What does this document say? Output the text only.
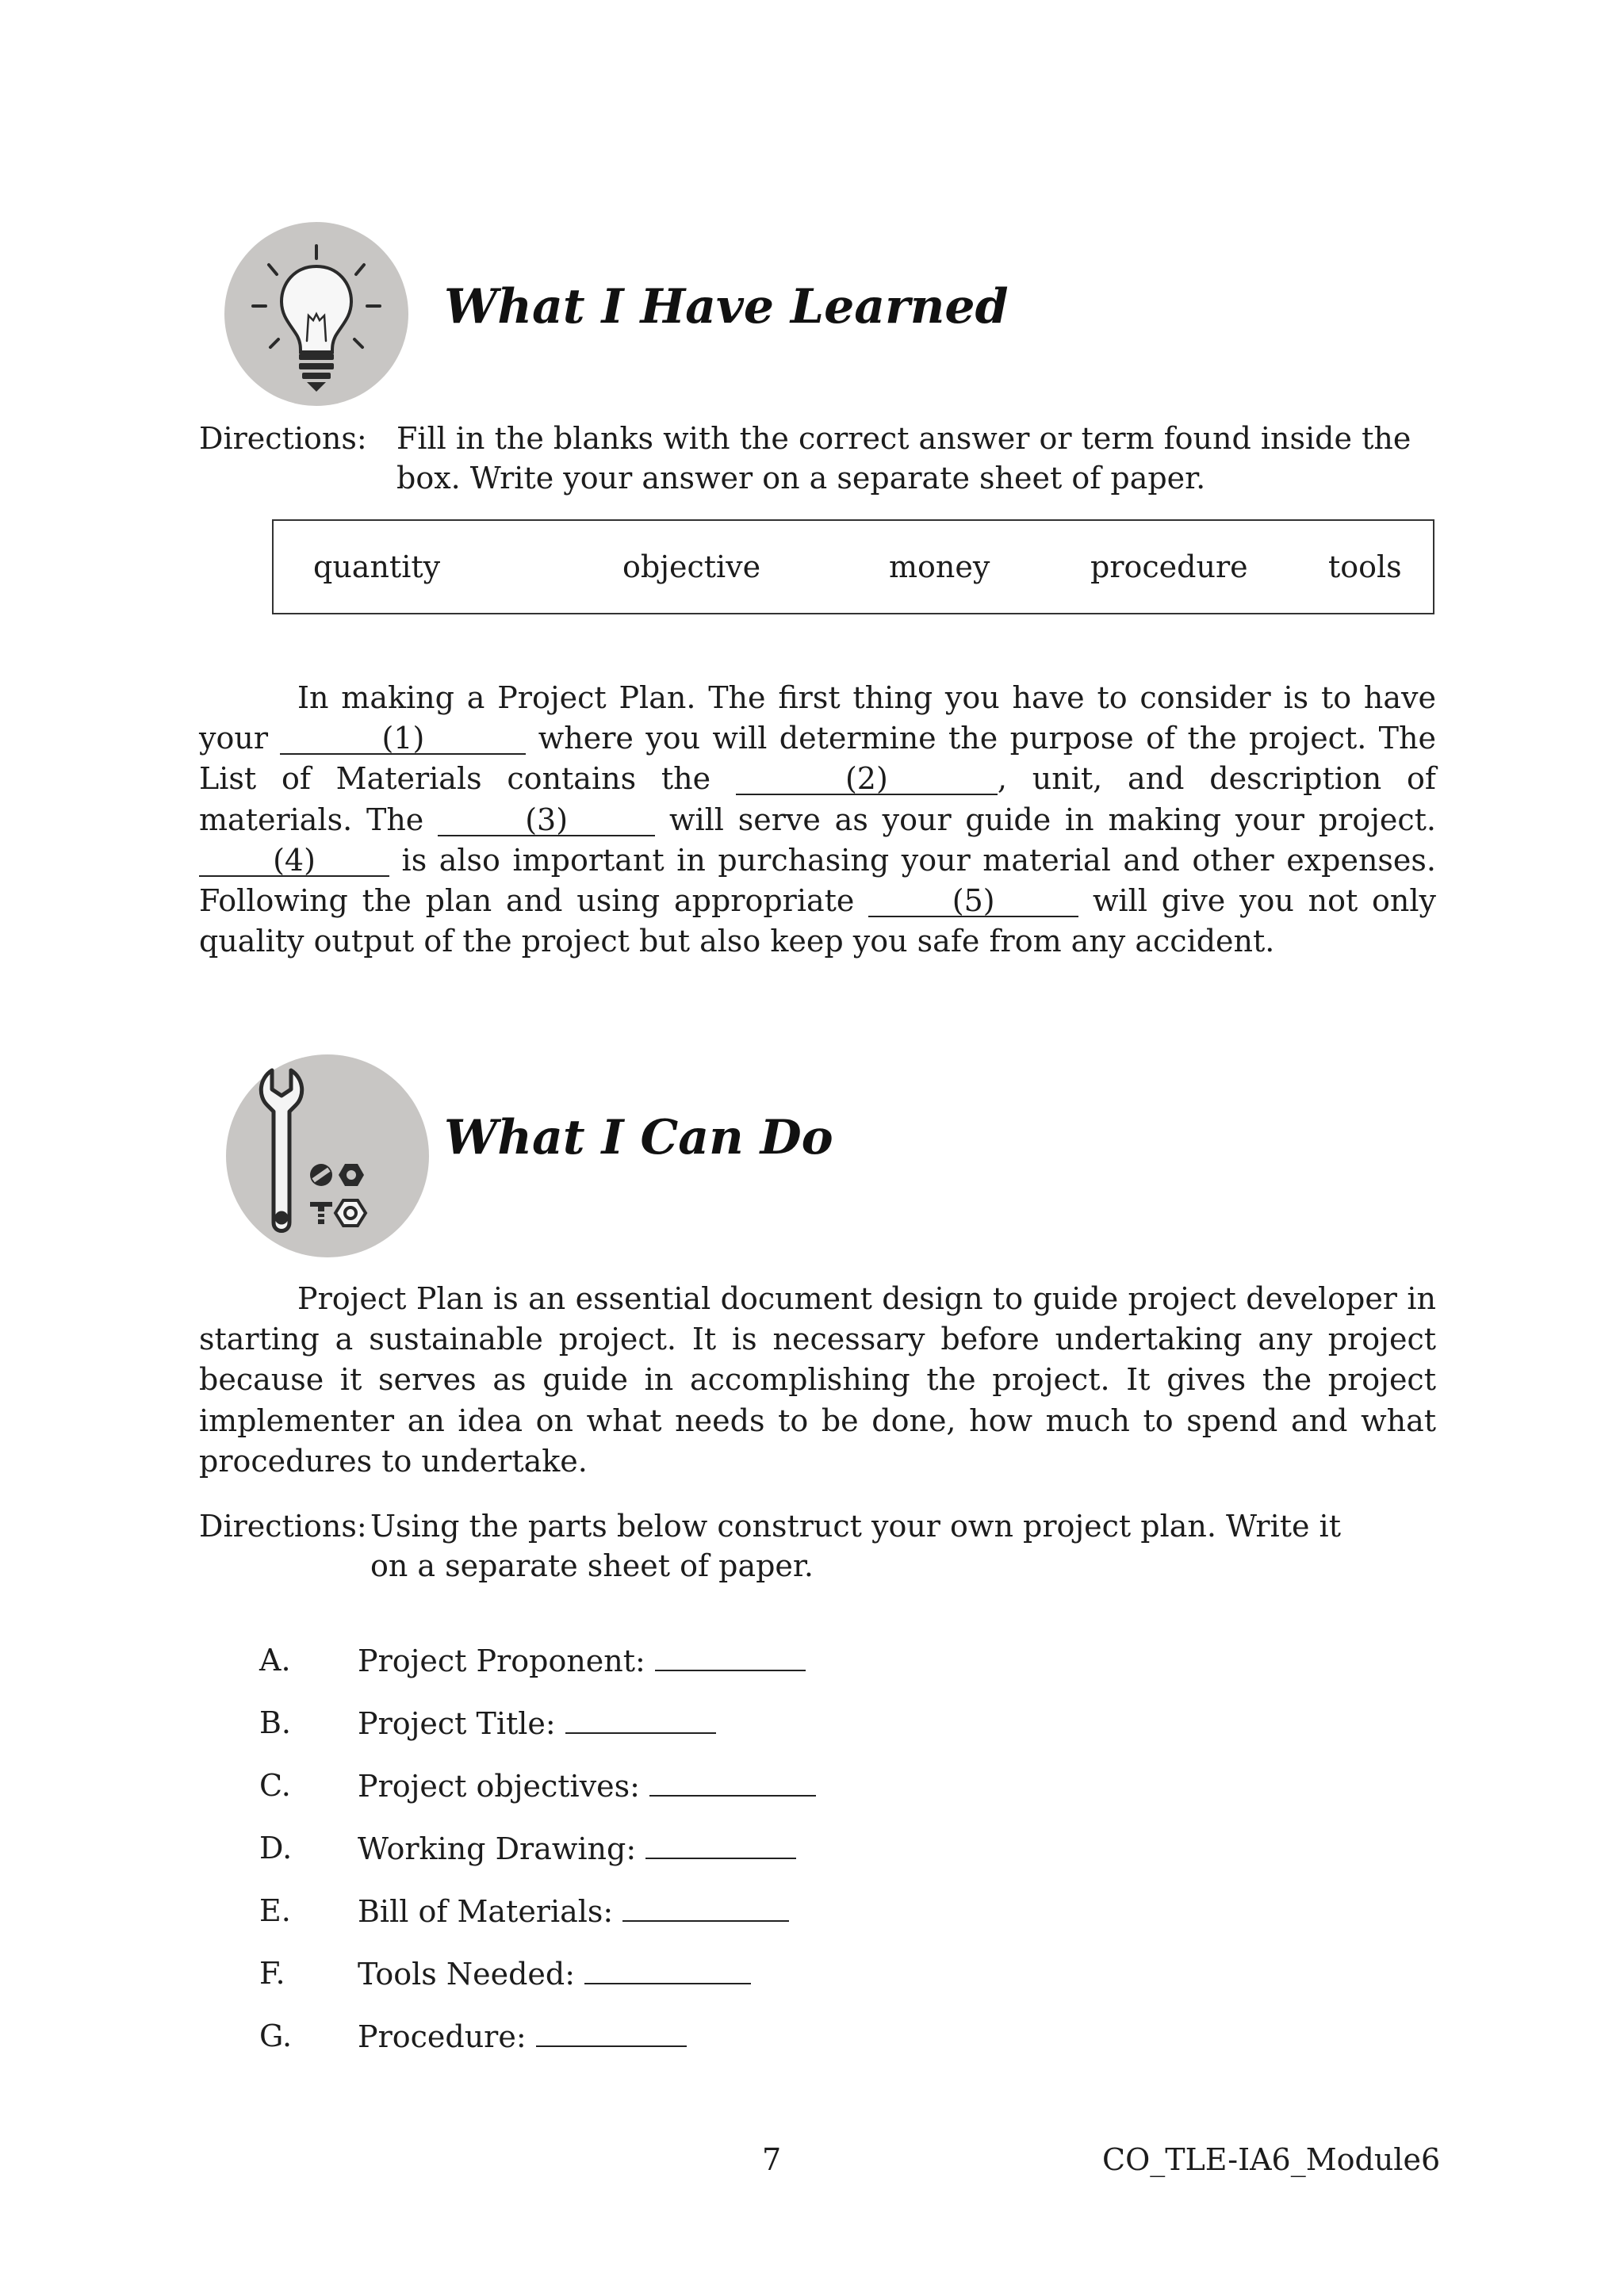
What I Have Learned
Directions: Fill in the blanks with the correct answer or term found inside the box. Write your answer on a separate sheet of paper.
quantity	objective	money	procedure	tools

In making a Project Plan. The first thing you have to consider is to have your	(1)	where you will determine the purpose of the project. The List of Materials contains the	(2)	, unit, and description of materials. The	(3)	will serve as your guide in making your project.(4)	is also important in purchasing your material and other expenses. Following the plan and using appropriate	(5)	will give you not only quality output of the project but also keep you safe from any accident.

What I Can Do

Project Plan is an essential document design to guide project developer in starting a sustainable project. It is necessary before undertaking any project because it serves as guide in accomplishing the project. It gives the project implementer an idea on what needs to be done, how much to spend and what procedures to undertake.

Directions: Using the parts below construct your own project plan. Write it on a separate sheet of paper.
A. Project Proponent:
B. Project Title:
C. Project objectives:
D. Working Drawing:
E. Bill of Materials:
F. Tools Needed:
G. Procedure:
7	CO_TLE-IA6_Module6
